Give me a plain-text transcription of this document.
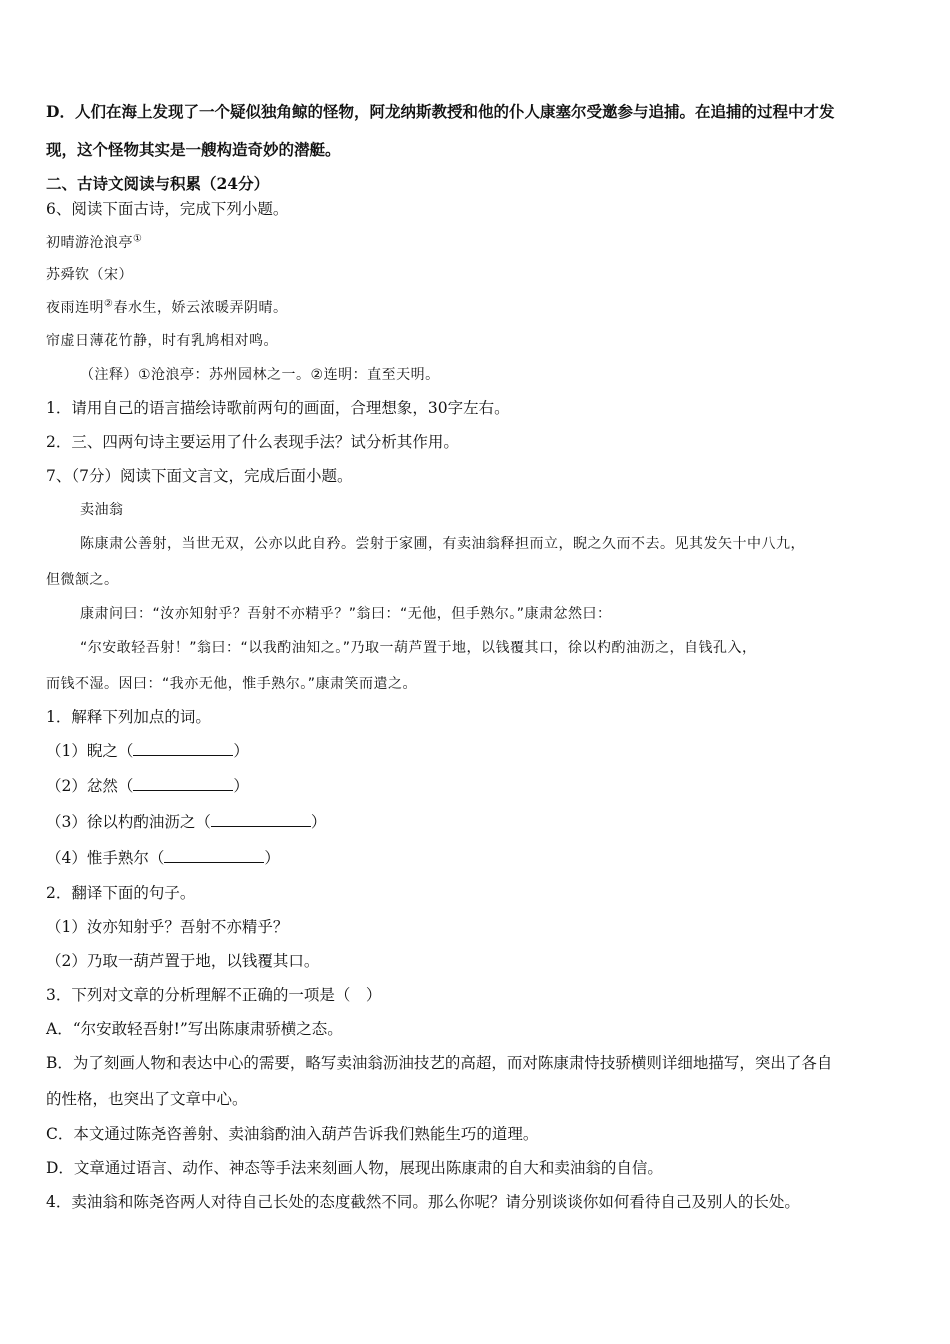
D．人们在海上发现了一个疑似独角鲸的怪物，阿龙纳斯教授和他的仆人康塞尔受邀参与追捕。在追捕的过程中才发
现，这个怪物其实是一艘构造奇妙的潜艇。
二、古诗文阅读与积累（24分）
6、阅读下面古诗，完成下列小题。
初晴游沧浪亭①
苏舜钦（宋）
夜雨连明②春水生，娇云浓暖弄阴晴。
帘虚日薄花竹静，时有乳鸠相对鸣。
（注释）①沧浪亭：苏州园林之一。②连明：直至天明。
1．请用自己的语言描绘诗歌前两句的画面，合理想象，30字左右。
2．三、四两句诗主要运用了什么表现手法？试分析其作用。
7、（7分）阅读下面文言文，完成后面小题。
卖油翁
陈康肃公善射，当世无双，公亦以此自矜。尝射于家圃，有卖油翁释担而立，睨之久而不去。见其发矢十中八九，
但微颔之。
康肃问曰：“汝亦知射乎？吾射不亦精乎？”翁曰：“无他，但手熟尔。”康肃忿然曰：
“尔安敢轻吾射！”翁曰：“以我酌油知之。”乃取一葫芦置于地，以钱覆其口，徐以杓酌油沥之，自钱孔入，
而钱不湿。因曰：“我亦无他，惟手熟尔。”康肃笑而遣之。
1．解释下列加点的词。
（1）睨之（	）
（2）忿然（	）
（3）徐以杓酌油沥之（	）
（4）惟手熟尔（	）
2．翻译下面的句子。
（1）汝亦知射乎？吾射不亦精乎？
（2）乃取一葫芦置于地，以钱覆其口。
3．下列对文章的分析理解不正确的一项是（　）
A．“尔安敢轻吾射!”写出陈康肃骄横之态。
B．为了刻画人物和表达中心的需要，略写卖油翁沥油技艺的高超，而对陈康肃恃技骄横则详细地描写，突出了各自
的性格，也突出了文章中心。
C．本文通过陈尧咨善射、卖油翁酌油入葫芦告诉我们熟能生巧的道理。
D．文章通过语言、动作、神态等手法来刻画人物，展现出陈康肃的自大和卖油翁的自信。
4．卖油翁和陈尧咨两人对待自己长处的态度截然不同。那么你呢？请分别谈谈你如何看待自己及别人的长处。
